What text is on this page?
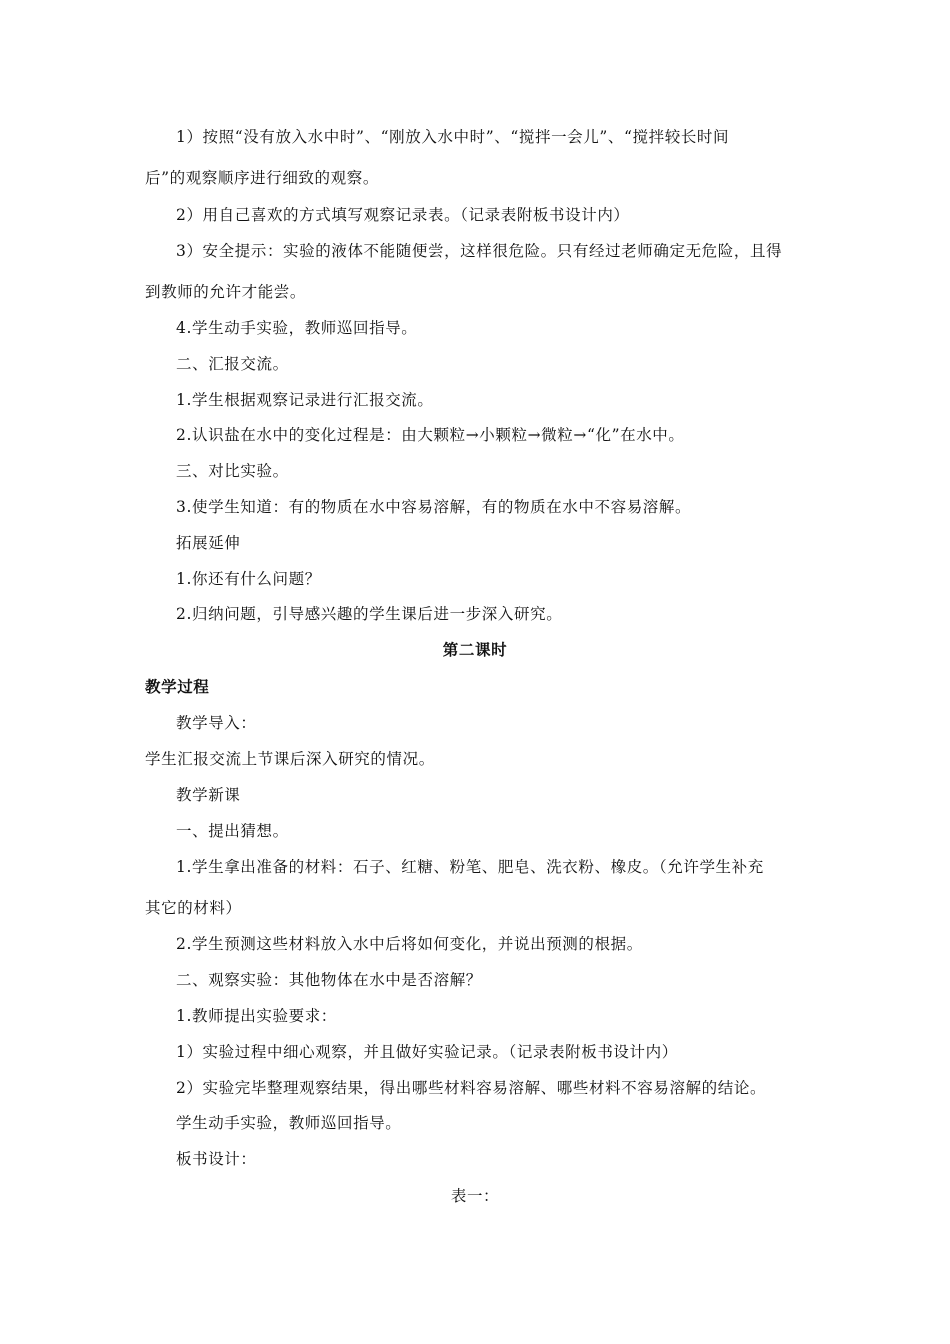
1）按照“没有放入水中时”、“刚放入水中时”、“搅拌一会儿”、“搅拌较长时间
后”的观察顺序进行细致的观察。
2）用自己喜欢的方式填写观察记录表。（记录表附板书设计内）
3）安全提示：实验的液体不能随便尝，这样很危险。只有经过老师确定无危险，且得
到教师的允许才能尝。
4.学生动手实验，教师巡回指导。
二、汇报交流。
1.学生根据观察记录进行汇报交流。
2.认识盐在水中的变化过程是：由大颗粒→小颗粒→微粒→“化”在水中。
三、对比实验。
3.使学生知道：有的物质在水中容易溶解，有的物质在水中不容易溶解。
拓展延伸
1.你还有什么问题？
2.归纳问题，引导感兴趣的学生课后进一步深入研究。
第二课时
教学过程
教学导入：
学生汇报交流上节课后深入研究的情况。
教学新课
一、提出猜想。
1.学生拿出准备的材料：石子、红糖、粉笔、肥皂、洗衣粉、橡皮。（允许学生补充
其它的材料）
2.学生预测这些材料放入水中后将如何变化，并说出预测的根据。
二、观察实验：其他物体在水中是否溶解？
1.教师提出实验要求：
1）实验过程中细心观察，并且做好实验记录。（记录表附板书设计内）
2）实验完毕整理观察结果，得出哪些材料容易溶解、哪些材料不容易溶解的结论。
学生动手实验，教师巡回指导。
板书设计：
表一：
